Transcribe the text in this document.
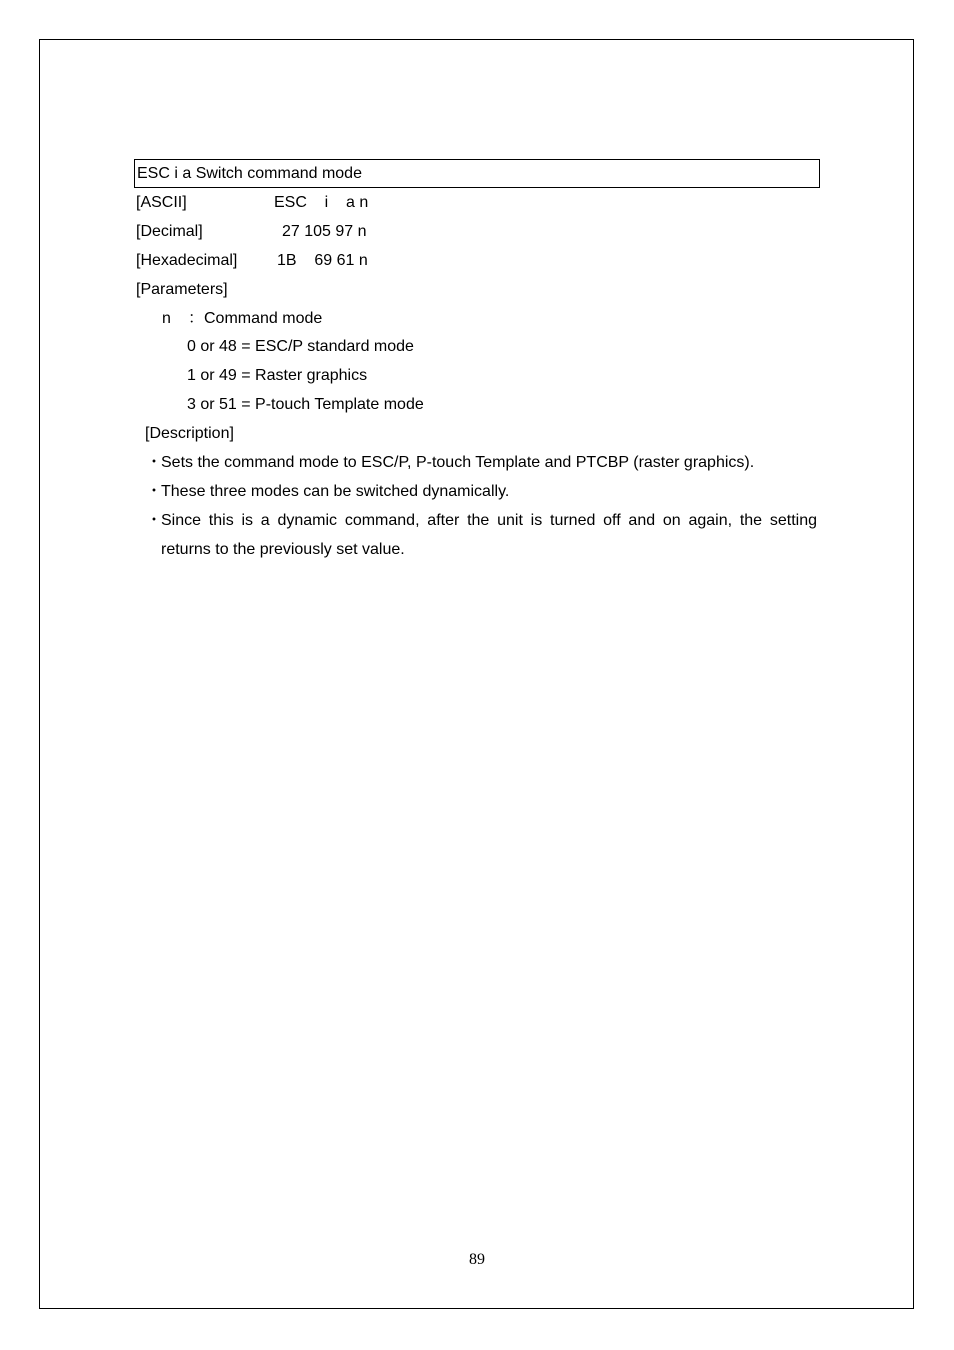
ESC i a Switch command mode

[ASCII]

	ESC    i    a n

[Decimal]

	27 105 97 n

[Hexadecimal]

1B    69 61 n

[Parameters]

n

：Command mode

0 or 48 = ESC/P standard mode
1 or 49 = Raster graphics
3 or 51 = P-touch Template mode
[Description]
・
Sets the command mode to ESC/P, P-touch Template and PTCBP (raster graphics).
・
These three modes can be switched dynamically.
・
Since this is a dynamic command, after the unit is turned off and on again, the setting
returns to the previously set value.
89
